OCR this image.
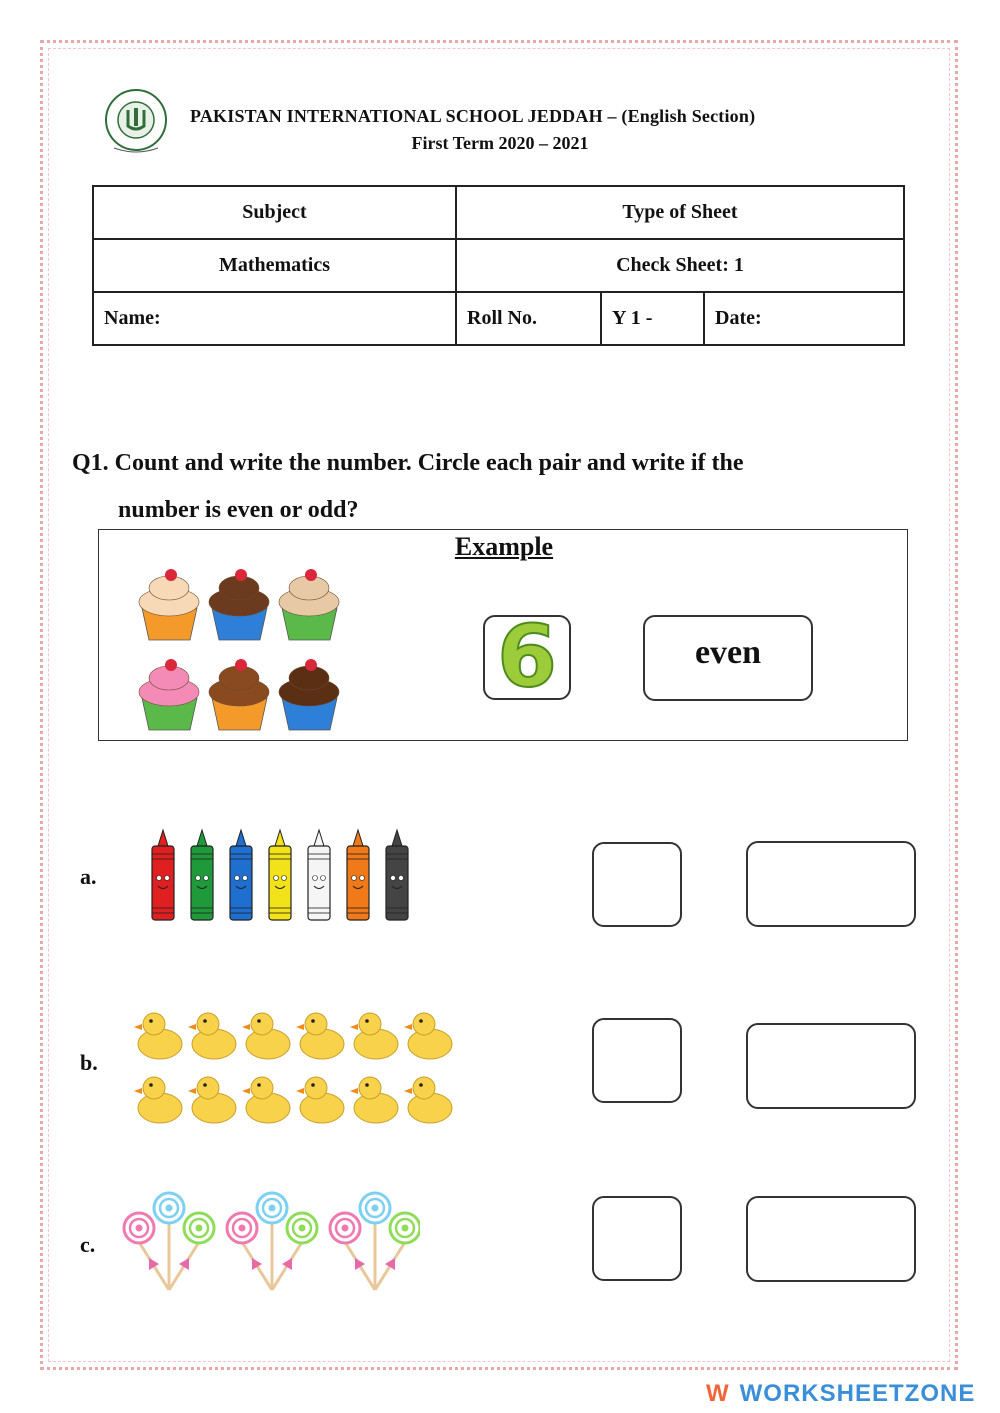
PAKISTAN INTERNATIONAL SCHOOL JEDDAH – (English Section)
First Term 2020 – 2021
Subject	Type of Sheet		
Mathematics	Check Sheet: 1		
Name:	Roll No.	Y 1 -	Date:
Q1. Count and write the number. Circle each pair and write if the
number is even or odd?
Example
6	even
a.
b.
c.
W WORKSHEETZONE
